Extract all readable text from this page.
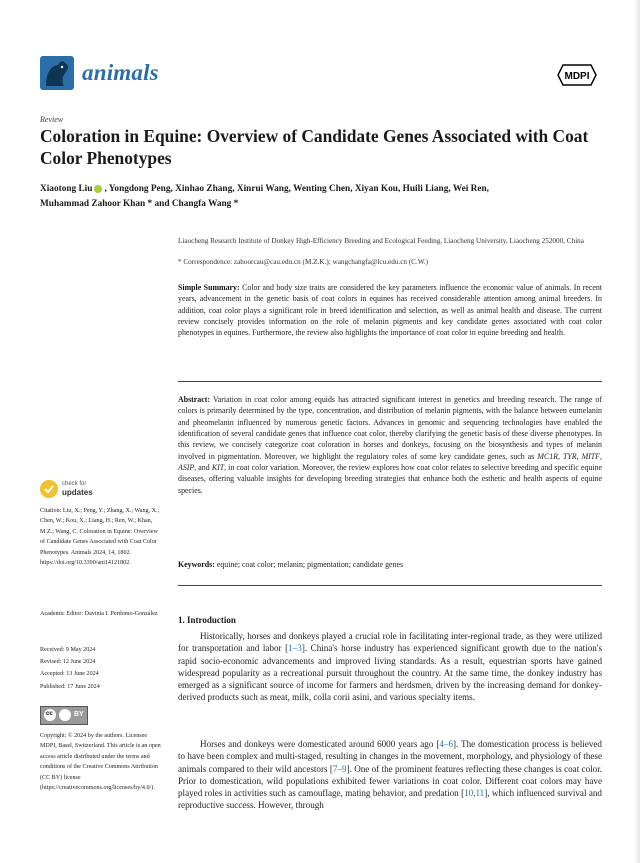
animals	MDPI
Review
Coloration in Equine: Overview of Candidate Genes Associated with Coat Color Phenotypes
Xiaotong Liu , Yongdong Peng, Xinhao Zhang, Xinrui Wang, Wenting Chen, Xiyan Kou, Huili Liang, Wei Ren,
Muhammad Zahoor Khan * and Changfa Wang *
Liaocheng Research Institute of Donkey High-Efficiency Breeding and Ecological Feeding, Liaocheng University, Liaocheng 252000, China
* Correspondence: zahoorcau@cau.edu.cn (M.Z.K.); wangchangfa@lcu.edu.cn (C.W.)
Simple Summary: Color and body size traits are considered the key parameters influence the economic value of animals. In recent years, advancement in the genetic basis of coat colors in equines has received considerable attention among animal breeders. In addition, coat color plays a significant role in breed identification and selection, as well as animal health and disease. The current review concisely provides information on the role of melanin pigments and key candidate genes associated with coat color phenotypes in equines. Furthermore, the review also highlights the importance of coat color in equine breeding and health.
Abstract: Variation in coat color among equids has attracted significant interest in genetics and breeding research. The range of colors is primarily determined by the type, concentration, and distribution of melanin pigments, with the balance between eumelanin and pheomelanin influenced by numerous genetic factors. Advances in genomic and sequencing technologies have enabled the identification of several candidate genes that influence coat color, thereby clarifying the genetic basis of these diverse phenotypes. In this review, we concisely categorize coat coloration in horses and donkeys, focusing on the biosynthesis and types of melanin involved in pigmentation. Moreover, we highlight the regulatory roles of some key candidate genes, such as MC1R, TYR, MITF, ASIP, and KIT, in coat color variation. Moreover, the review explores how coat color relates to selective breeding and specific equine diseases, offering valuable insights for developing breeding strategies that enhance both the esthetic and health aspects of equine species.
Keywords: equine; coat color; melanin; pigmentation; candidate genes
1. Introduction
Historically, horses and donkeys played a crucial role in facilitating inter-regional trade, as they were utilized for transportation and labor [1–3]. China's horse industry has experienced significant growth due to the nation's rapid socio-economic advancements and improved living standards. As a result, equestrian sports have gained widespread popularity as a recreational pursuit throughout the country. At the same time, the donkey industry has emerged as a significant source of income for farmers and herdsmen, driven by the increasing demand for donkey-derived products such as meat, milk, colla corii asini, and various specialty items.
Horses and donkeys were domesticated around 6000 years ago [4–6]. The domestication process is believed to have been complex and multi-staged, resulting in changes in the movement, morphology, and physiology of these animals compared to their wild ancestors [7–9]. One of the prominent features reflecting these changes is coat color. Prior to domestication, wild populations exhibited fewer variations in coat color. Different coat colors may have played roles in activities such as camouflage, mating behavior, and predation [10,11], which influenced survival and reproductive success. However, through
check for
updates
Citation: Liu, X.; Peng, Y.; Zhang, X.; Wang, X.; Chen, W.; Kou, X.; Liang, H.; Ren, W.; Khan, M.Z.; Wang, C. Coloration in Equine: Overview of Candidate Genes Associated with Coat Color Phenotypes. Animals 2024, 14, 1802. https://doi.org/10.3390/ani14121802
Academic Editor: Davinia I. Perdomo-González
Received: 9 May 2024
Revised: 12 June 2024
Accepted: 13 June 2024
Published: 17 June 2024
cc	BY
Copyright: © 2024 by the authors. Licensee MDPI, Basel, Switzerland. This article is an open access article distributed under the terms and conditions of the Creative Commons Attribution (CC BY) license (https://creativecommons.org/licenses/by/4.0/).
